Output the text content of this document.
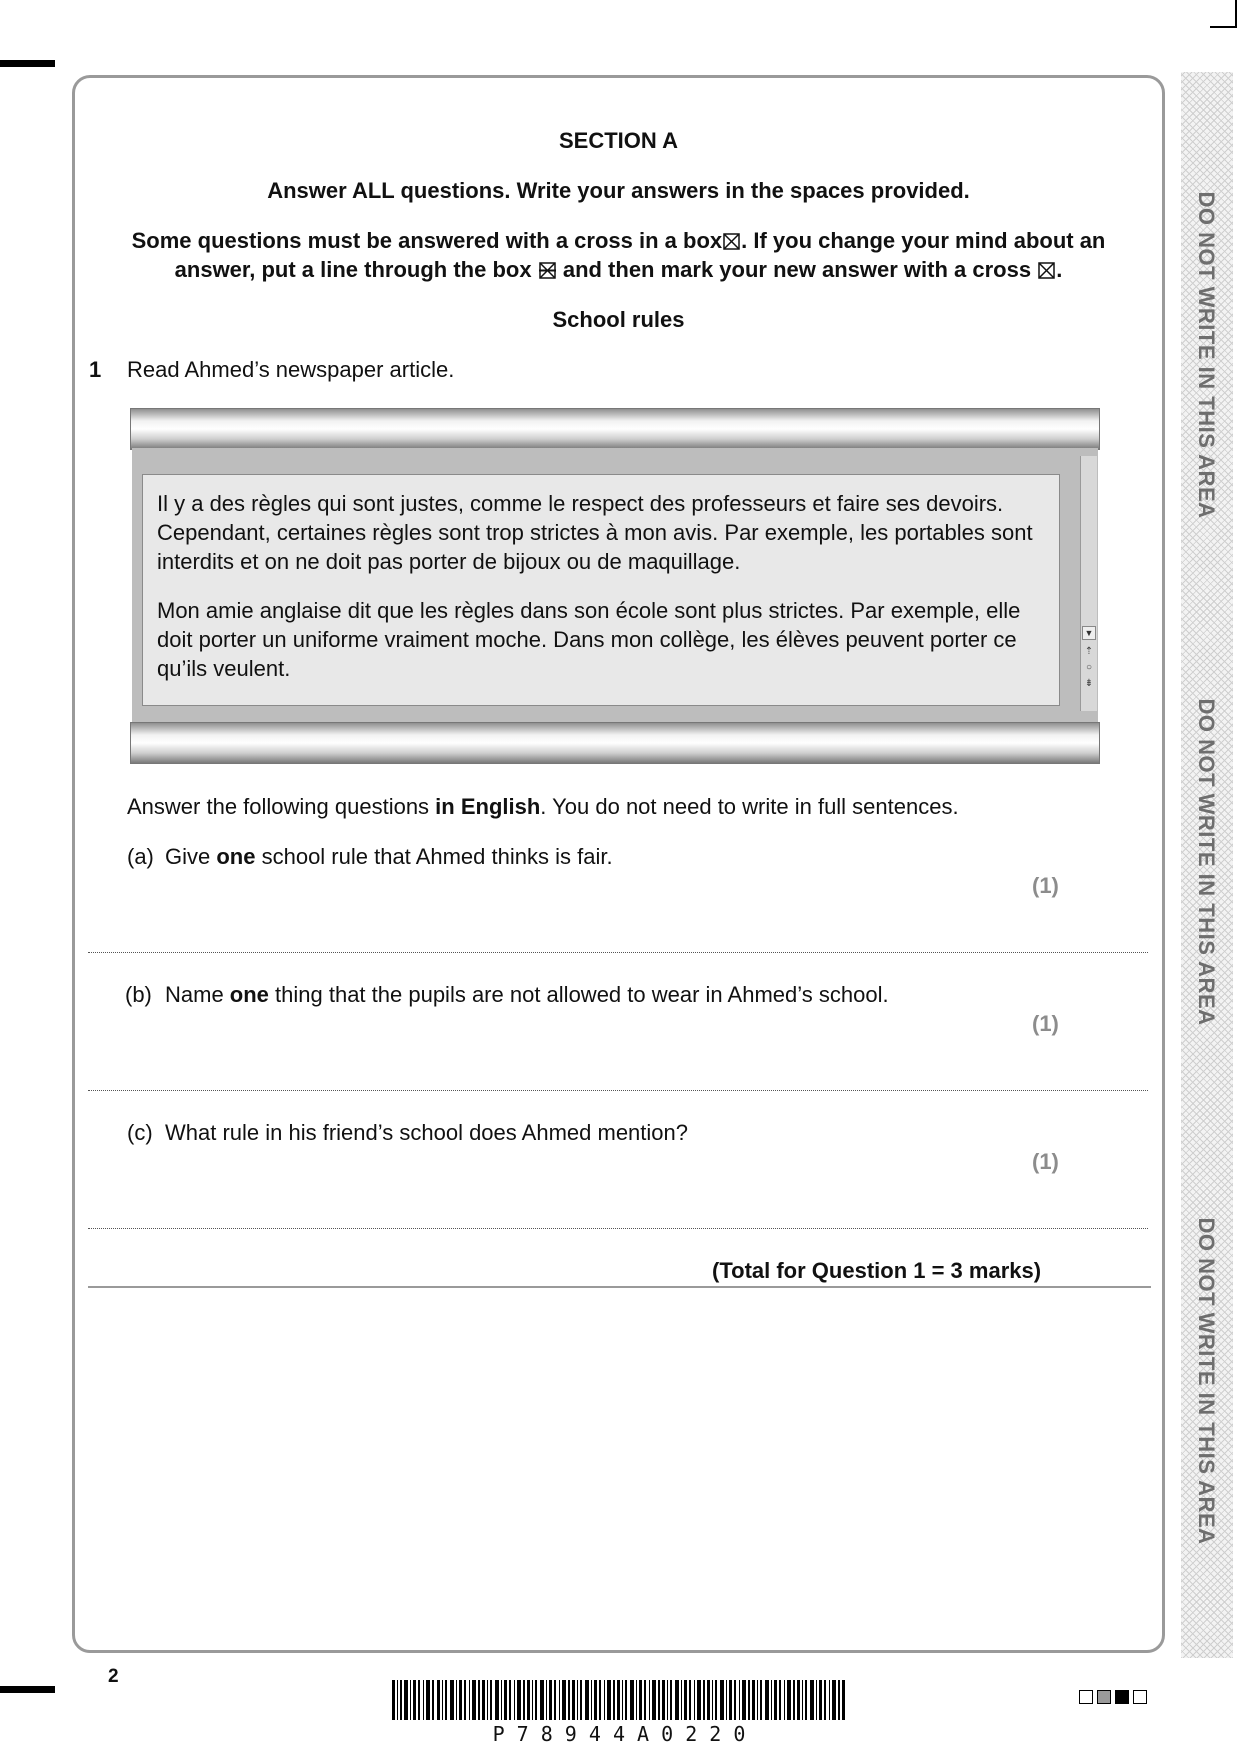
DO NOT WRITE IN THIS AREA
DO NOT WRITE IN THIS AREA
DO NOT WRITE IN THIS AREA
SECTION A
Answer ALL questions. Write your answers in the spaces provided.
Some questions must be answered with a cross in a box☒. If you change your mind about an
answer, put a line through the box and then mark your new answer with a cross ☒.
School rules
1 Read Ahmed’s newspaper article.

Il y a des règles qui sont justes, comme le respect des professeurs et faire ses devoirs. Cependant, certaines règles sont trop strictes à mon avis. Par exemple, les portables sont interdits et on ne doit pas porter de bijoux ou de maquillage.

Mon amie anglaise dit que les règles dans son école sont plus strictes. Par exemple, elle doit porter un uniforme vraiment moche. Dans mon collège, les élèves peuvent porter ce qu’ils veulent.

▼
⇡
○
⇟
Answer the following questions in English. You do not need to write in full sentences.
(a) Give one school rule that Ahmed thinks is fair.
(1)
(b) Name one thing that the pupils are not allowed to wear in Ahmed’s school.
(1)
(c) What rule in his friend’s school does Ahmed mention?
(1)
(Total for Question 1 = 3 marks)
2
P 7 8 9 4 4 A 0 2 2 0
